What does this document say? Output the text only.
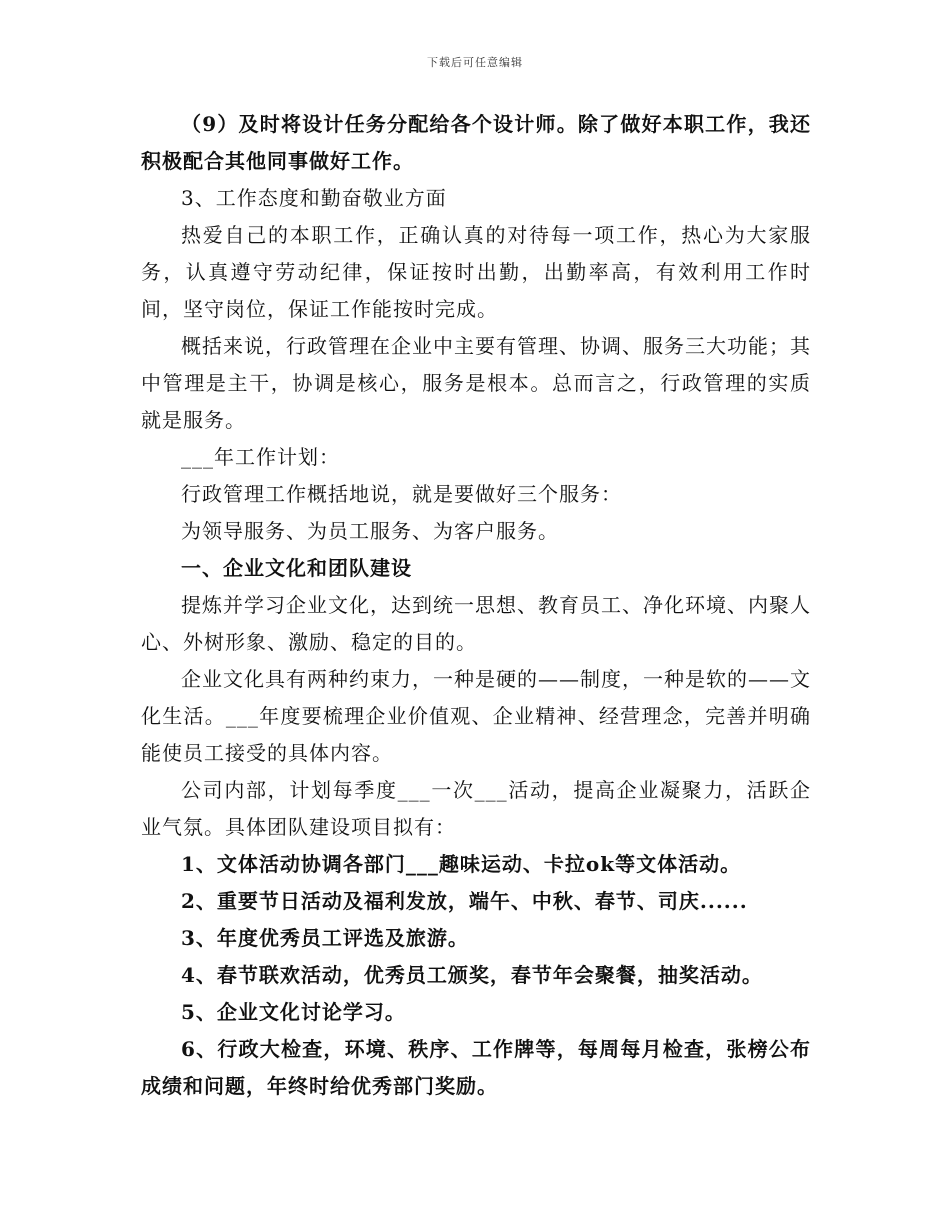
下载后可任意编辑

（9）及时将设计任务分配给各个设计师。除了做好本职工作，我还积极配合其他同事做好工作。

3、工作态度和勤奋敬业方面

热爱自己的本职工作，正确认真的对待每一项工作，热心为大家服务，认真遵守劳动纪律，保证按时出勤，出勤率高，有效利用工作时间，坚守岗位，保证工作能按时完成。

概括来说，行政管理在企业中主要有管理、协调、服务三大功能；其中管理是主干，协调是核心，服务是根本。总而言之，行政管理的实质就是服务。

___年工作计划：

行政管理工作概括地说，就是要做好三个服务：

为领导服务、为员工服务、为客户服务。

一、企业文化和团队建设

提炼并学习企业文化，达到统一思想、教育员工、净化环境、内聚人心、外树形象、激励、稳定的目的。

企业文化具有两种约束力，一种是硬的——制度，一种是软的——文化生活。___年度要梳理企业价值观、企业精神、经营理念，完善并明确能使员工接受的具体内容。

公司内部，计划每季度___一次___活动，提高企业凝聚力，活跃企业气氛。具体团队建设项目拟有：

1、文体活动协调各部门___趣味运动、卡拉ok等文体活动。

2、重要节日活动及福利发放，端午、中秋、春节、司庆......

3、年度优秀员工评选及旅游。

4、春节联欢活动，优秀员工颁奖，春节年会聚餐，抽奖活动。

5、企业文化讨论学习。

6、行政大检查，环境、秩序、工作牌等，每周每月检查，张榜公布成绩和问题，年终时给优秀部门奖励。
